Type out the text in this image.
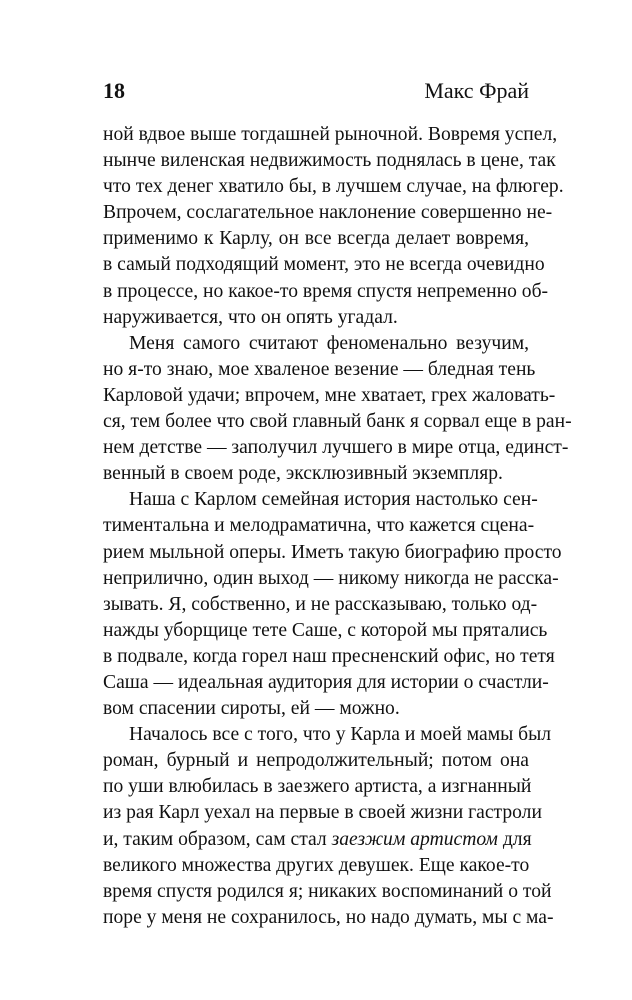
18	Макс Фрай
ной вдвое выше тогдашней рыночной. Вовремя успел,
нынче виленская недвижимость поднялась в цене, так
что тех денег хватило бы, в лучшем случае, на флюгер.
Впрочем, сослагательное наклонение совершенно не-
применимо к Карлу, он все всегда делает вовремя,
в самый подходящий момент, это не всегда очевидно
в процессе, но какое-то время спустя непременно об-
наруживается, что он опять угадал.
Меня самого считают феноменально везучим,
но я-то знаю, мое хваленое везение — бледная тень
Карловой удачи; впрочем, мне хватает, грех жаловать-
ся, тем более что свой главный банк я сорвал еще в ран-
нем детстве — заполучил лучшего в мире отца, единст-
венный в своем роде, эксклюзивный экземпляр.
Наша с Карлом семейная история настолько сен-
тиментальна и мелодраматична, что кажется сцена-
рием мыльной оперы. Иметь такую биографию просто
неприлично, один выход — никому никогда не расска-
зывать. Я, собственно, и не рассказываю, только од-
нажды уборщице тете Саше, с которой мы прятались
в подвале, когда горел наш пресненский офис, но тетя
Саша — идеальная аудитория для истории о счастли-
вом спасении сироты, ей — можно.
Началось все с того, что у Карла и моей мамы был
роман, бурный и непродолжительный; потом она
по уши влюбилась в заезжего артиста, а изгнанный
из рая Карл уехал на первые в своей жизни гастроли
и, таким образом, сам стал заезжим артистом для
великого множества других девушек. Еще какое-то
время спустя родился я; никаких воспоминаний о той
поре у меня не сохранилось, но надо думать, мы с ма-
